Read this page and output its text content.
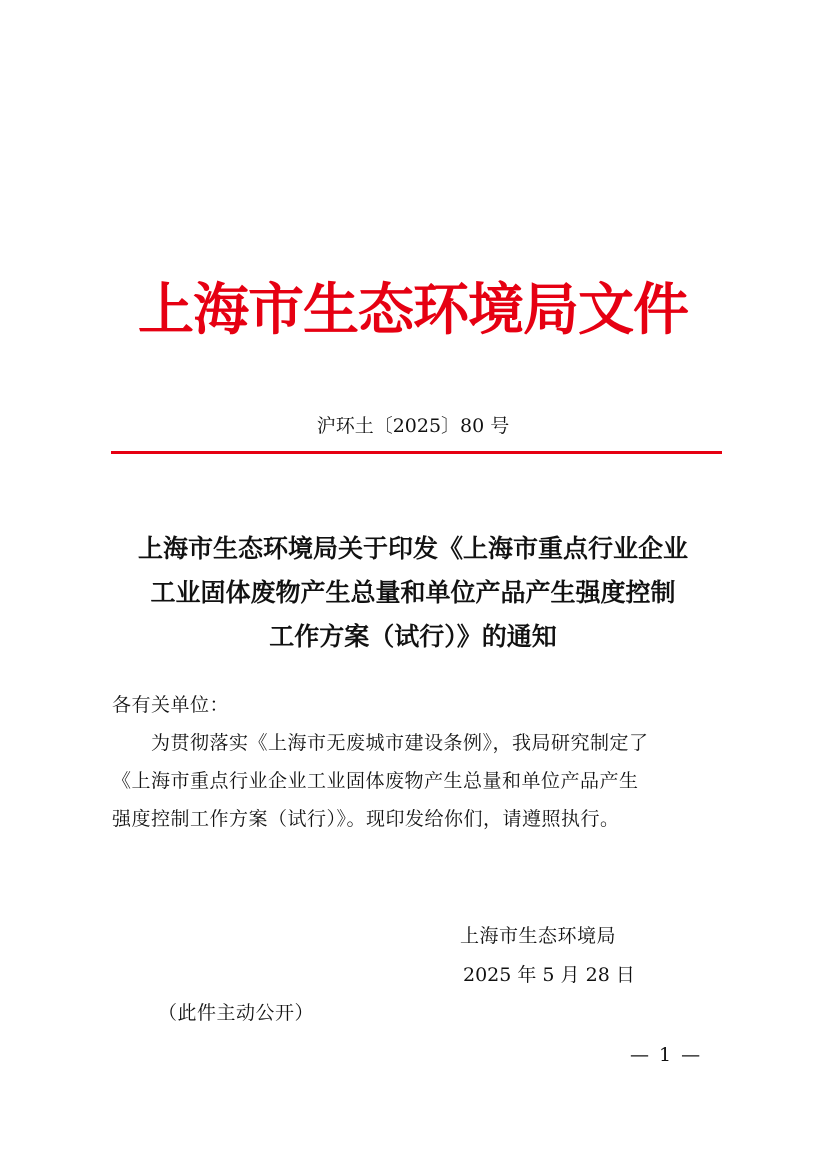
上海市生态环境局文件
沪环土〔2025〕80 号
上海市生态环境局关于印发《上海市重点行业企业
工业固体废物产生总量和单位产品产生强度控制
工作方案（试行）》的通知
各有关单位：
　　为贯彻落实《上海市无废城市建设条例》，我局研究制定了
《上海市重点行业企业工业固体废物产生总量和单位产品产生
强度控制工作方案（试行）》。现印发给你们，请遵照执行。
上海市生态环境局
2025 年 5 月 28 日
（此件主动公开）
— 1 —
